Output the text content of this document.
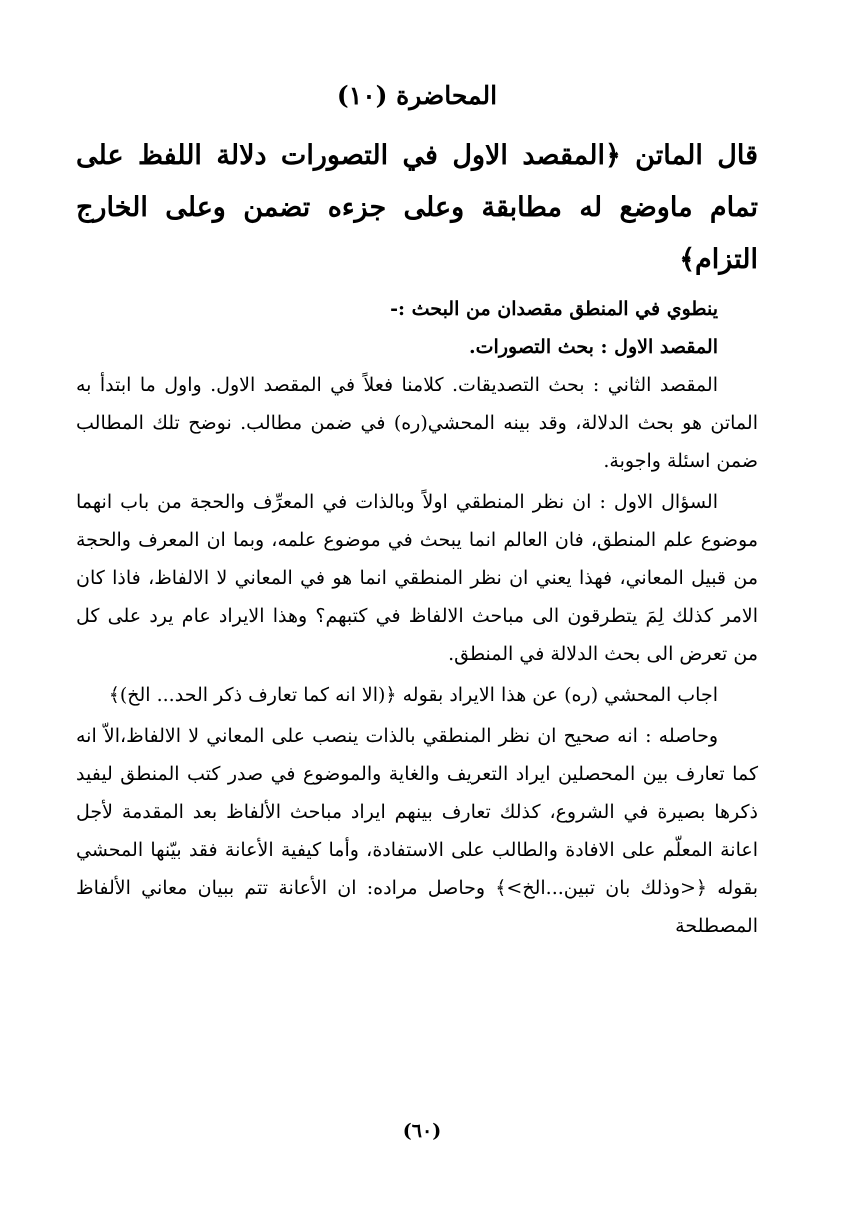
المحاضرة (١٠)
قال الماتن ﴿المقصد الاول في التصورات دلالة اللفظ على تمام ماوضع له مطابقة وعلى جزءه تضمن وعلى الخارج التزام﴾
ينطوي في المنطق مقصدان من البحث :-
المقصد الاول : بحث التصورات.
المقصد الثاني : بحث التصديقات. كلامنا فعلاً في المقصد الاول. واول ما ابتدأ به الماتن هو بحث الدلالة، وقد بينه المحشي(ره) في ضمن مطالب. نوضح تلك المطالب ضمن اسئلة واجوبة.
السؤال الاول : ان نظر المنطقي اولاً وبالذات في المعرِّف والحجة من باب انهما موضوع علم المنطق، فان العالم انما يبحث في موضوع علمه، وبما ان المعرف والحجة من قبيل المعاني، فهذا يعني ان نظر المنطقي انما هو في المعاني لا الالفاظ، فاذا كان الامر كذلك لِمَ يتطرقون الى مباحث الالفاظ في كتبهم؟ وهذا الايراد عام يرد على كل من تعرض الى بحث الدلالة في المنطق.
اجاب المحشي (ره) عن هذا الايراد بقوله ﴿(الا انه كما تعارف ذكر الحد... الخ)﴾
وحاصله : انه صحيح ان نظر المنطقي بالذات ينصب على المعاني لا الالفاظ،الاّ انه كما تعارف بين المحصلين ايراد التعريف والغاية والموضوع في صدر كتب المنطق ليفيد ذكرها بصيرة في الشروع، كذلك تعارف بينهم ايراد مباحث الألفاظ بعد المقدمة لأجل اعانة المعلّم على الافادة والطالب على الاستفادة، وأما كيفية الأعانة فقد بيّنها المحشي بقوله ﴿<وذلك بان تبين...الخ>﴾ وحاصل مراده: ان الأعانة تتم ببيان معاني الألفاظ المصطلحة
(٦٠)
